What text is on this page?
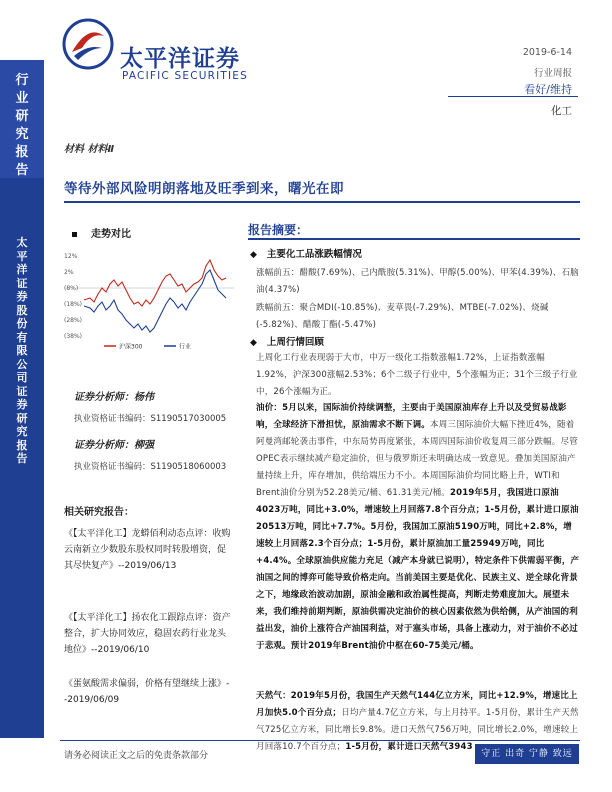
太平洋证券
PACIFIC SECURITIES
2019-6-14
行业周报
看好/维持
化工
行
业
研
究
报
告
太
平
洋
证
券
股
份
有
限
公
司
证
券
研
究
报
告
材料 材料Ⅱ
等待外部风险明朗落地及旺季到来，曙光在即
走势对比
12%
2%
(8%)
(18%)
(28%)
(38%)
沪深300	行业
证券分析师：杨伟
执业资格证书编码：S1190517030005
证券分析师：柳强
执业资格证书编码：S1190518060003
相关研究报告：
《【太平洋化工】龙蟒佰利动态点评：收购云南新立少数股东股权同时转股增资，促其尽快复产》--2019/06/13
《【太平洋化工】扬农化工跟踪点评：资产整合，扩大协同效应，稳固农药行业龙头地位》--2019/06/10
《蛋氨酸需求偏弱，价格有望继续上涨》--2019/06/09
报告摘要：
◆ 主要化工品涨跌幅情况
涨幅前五：醋酸(7.69%)、己内酰胺(5.31%)、甲醇(5.00%)、甲苯(4.39%)、石脑油(4.37%)
跌幅前五：聚合MDI(-10.85%)、麦草畏(-7.29%)、MTBE(-7.02%)、烧碱(-5.82%)、醋酸丁酯(-5.47%)
◆ 上周行情回顾
上周化工行业表现弱于大市，中万一级化工指数涨幅1.72%，上证指数涨幅1.92%，沪深300涨幅2.53%；6个二级子行业中，5个涨幅为正；31个三级子行业中，26个涨幅为正。
油价：5月以来，国际油价持续调整，主要由于美国原油库存上升以及受贸易战影响，全球经济下滑担忧，原油需求不断下调。本周三国际油价大幅下挫近4%，随着阿曼湾邮轮袭击事件，中东局势再度紧张，本周四国际油价收复周三部分跌幅。尽管OPEC表示继续减产稳定油价，但与俄罗斯还未明确达成一致意见。叠加美国原油产量持续上升，库存增加，供给端压力不小。本周国际油价均同比略上升，WTI和Brent油价分别为52.28美元/桶、61.31美元/桶。2019年5月，我国进口原油4023万吨，同比+3.0%，增速较上月回落7.8个百分点；1-5月份，累计进口原油20513万吨，同比+7.7%。5月份，我国加工原油5190万吨，同比+2.8%，增速较上月回落2.3个百分点；1-5月份，累计原油加工量25949万吨，同比+4.4%。全球原油供应能力充足（减产本身就已说明），特定条件下供需弱平衡，产油国之间的博弈可能导致价格走向。当前美国主要是优化、民族主义、逆全球化背景之下，地缘政治波动加剧，原油金融和政治属性提高，判断走势难度加大。展望未来，我们维持前期判断，原油供需决定油价的核心因素依然为供给侧，从产油国的利益出发，油价上涨符合产油国利益，对于塞头市场，具备上涨动力，对于油价不必过于悲观。预计2019年Brent油价中枢在60-75美元/桶。
天然气：2019年5月份，我国生产天然气144亿立方米，同比+12.9%，增速比上月加快5.0个百分点；日均产量4.7亿立方米，与上月持平。1-5月份，累计生产天然气725亿立方米，同比增长9.8%。进口天然气756万吨，同比增长2.0%，增速较上月回落10.7个百分点；1-5月份，累计进口天然气3943
请务必阅读正文之后的免责条款部分	守正 出奇 宁静 致远
